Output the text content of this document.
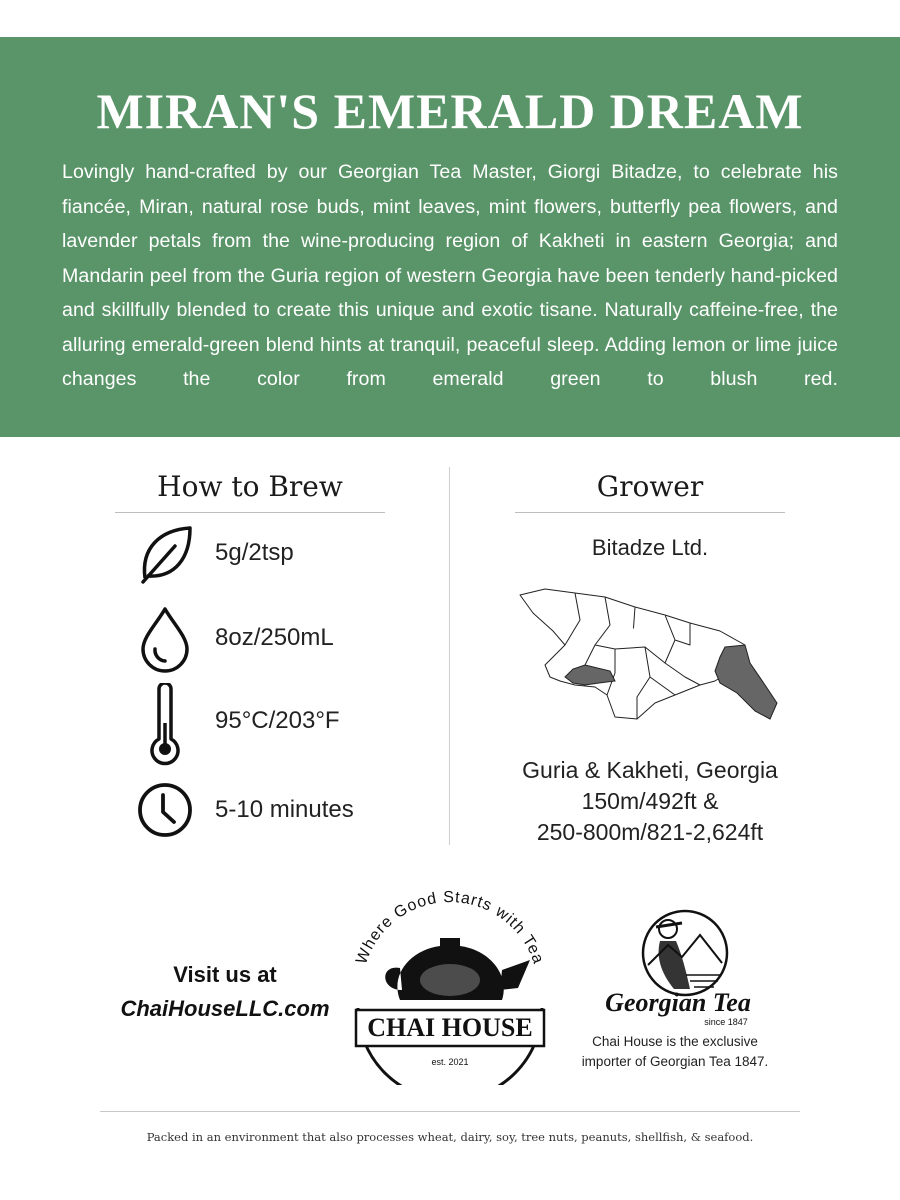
MIRAN'S EMERALD DREAM

Lovingly hand-crafted by our Georgian Tea Master, Giorgi Bitadze, to celebrate his fiancée, Miran, natural rose buds, mint leaves, mint flowers, butterfly pea flowers, and lavender petals from the wine-producing region of Kakheti in eastern Georgia; and Mandarin peel from the Guria region of western Georgia have been tenderly hand-picked and skillfully blended to create this unique and exotic tisane. Naturally caffeine-free, the alluring emerald-green blend hints at tranquil, peaceful sleep. Adding lemon or lime juice changes the color from emerald green to blush red.

How to Brew
5g/2tsp
8oz/250mL
95°C/203°F
5-10 minutes
Grower
Bitadze Ltd.
Guria & Kakheti, Georgia
150m/492ft &
250-800m/821-2,624ft
Visit us at
ChaiHouseLLC.com
Where Good Starts with Tea
CHAI HOUSE
est. 2021
Georgian Tea
since 1847
Chai House is the exclusive
importer of Georgian Tea 1847.
Packed in an environment that also processes wheat, dairy, soy, tree nuts, peanuts, shellfish, & seafood.
